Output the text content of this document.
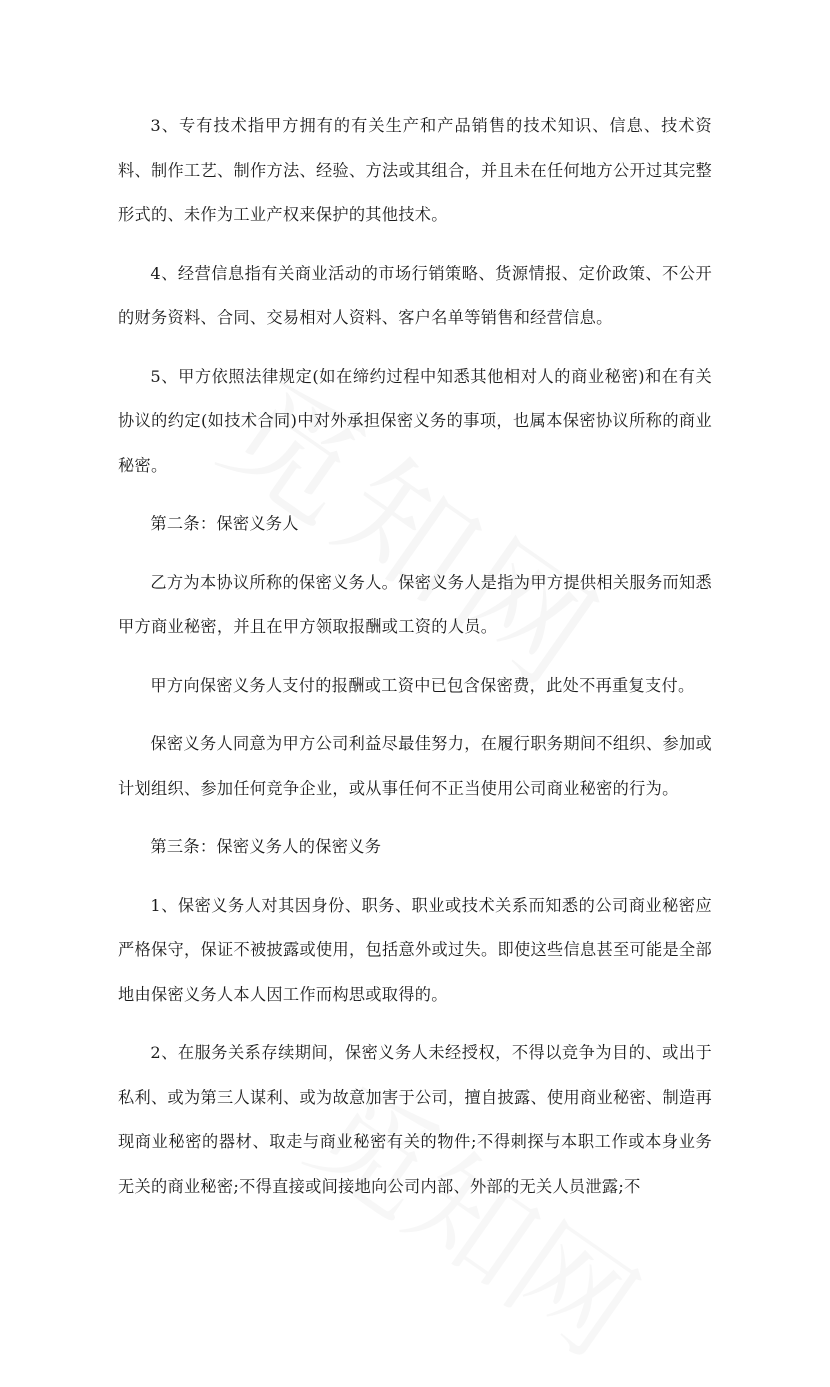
3、专有技术指甲方拥有的有关生产和产品销售的技术知识、信息、技术资料、制作工艺、制作方法、经验、方法或其组合，并且未在任何地方公开过其完整形式的、未作为工业产权来保护的其他技术。

4、经营信息指有关商业活动的市场行销策略、货源情报、定价政策、不公开的财务资料、合同、交易相对人资料、客户名单等销售和经营信息。

5、甲方依照法律规定(如在缔约过程中知悉其他相对人的商业秘密)和在有关协议的约定(如技术合同)中对外承担保密义务的事项，也属本保密协议所称的商业秘密。

第二条：保密义务人

乙方为本协议所称的保密义务人。保密义务人是指为甲方提供相关服务而知悉甲方商业秘密，并且在甲方领取报酬或工资的人员。

甲方向保密义务人支付的报酬或工资中已包含保密费，此处不再重复支付。

保密义务人同意为甲方公司利益尽最佳努力，在履行职务期间不组织、参加或计划组织、参加任何竞争企业，或从事任何不正当使用公司商业秘密的行为。

第三条：保密义务人的保密义务

1、保密义务人对其因身份、职务、职业或技术关系而知悉的公司商业秘密应严格保守，保证不被披露或使用，包括意外或过失。即使这些信息甚至可能是全部地由保密义务人本人因工作而构思或取得的。

2、在服务关系存续期间，保密义务人未经授权，不得以竞争为目的、或出于私利、或为第三人谋利、或为故意加害于公司，擅自披露、使用商业秘密、制造再现商业秘密的器材、取走与商业秘密有关的物件;不得刺探与本职工作或本身业务无关的商业秘密;不得直接或间接地向公司内部、外部的无关人员泄露;不
